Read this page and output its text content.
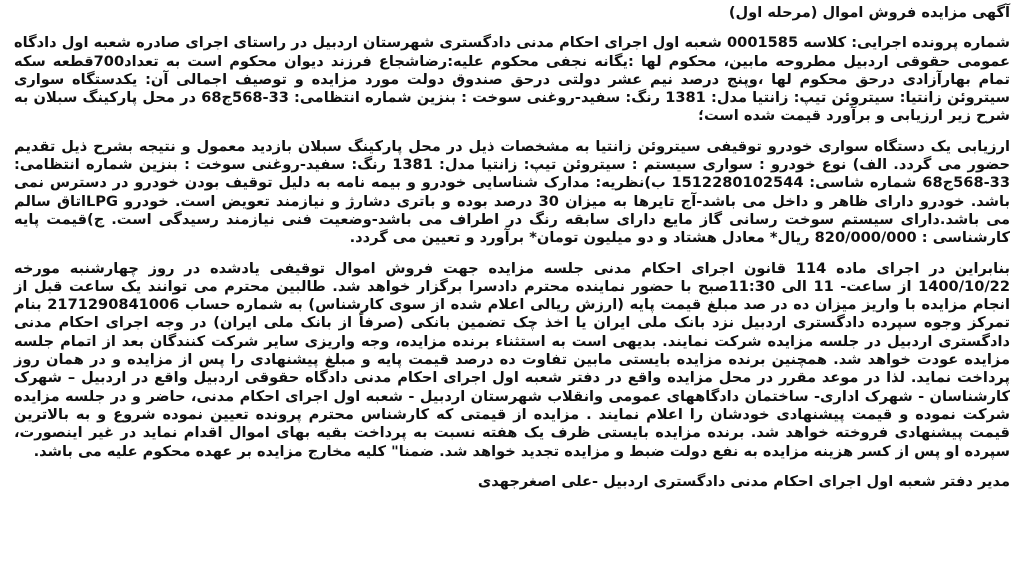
آگهی مزایده فروش اموال (مرحله اول)

شماره پرونده اجرایی: کلاسه 0001585 شعبه اول اجرای احکام مدنی دادگستری شهرستان اردبیل در راستای اجرای صادره شعبه اول دادگاه عمومی حقوقی اردبیل مطروحه مابین، محکوم لها :یگانه نجفی محکوم علیه:رضاشجاع فرزند دیوان محکوم است به تعداد700قطعه سکه تمام بهارآزادی درحق محکوم لها ،وپنج درصد نیم عشر دولتی درحق صندوق دولت مورد مزایده و توصیف اجمالی آن: یکدستگاه سواری سیتروئن زانتیا: سیتروئن تیپ: زانتیا مدل: 1381 رنگ: سفید-روغنی سوخت : بنزین شماره انتظامی: 33-568ج68 در محل پارکینگ سبلان به شرح زیر ارزیابی و برآورد قیمت شده است؛

ارزیابی یک دستگاه سواری خودرو توقیفی سیتروئن زانتیا به مشخصات ذیل در محل پارکینگ سبلان بازدید معمول و نتیجه بشرح ذیل تقدیم حضور می گردد. الف) نوع خودرو : سواری سیستم : سیتروئن تیپ: زانتیا مدل: 1381 رنگ: سفید-روغنی سوخت : بنزین شماره انتظامی: 33-568ج68 شماره شاسی: 1512280102544 ب)نظریه: مدارک شناسایی خودرو و بیمه نامه به دلیل توقیف بودن خودرو در دسترس نمی باشد. خودرو دارای ظاهر و داخل می باشد-آج تایرها به میزان 30 درصد بوده و باتری دشارژ و نیازمند تعویض است. خودرو LPGاتاق سالم می باشد.دارای سیستم سوخت رسانی گاز مایع دارای سابقه رنگ در اطراف می باشد-وضعیت فنی نیازمند رسیدگی است. ج)قیمت پایه کارشناسی : 820/000/000 ریال* معادل هشتاد و دو میلیون تومان* برآورد و تعیین می گردد.

بنابراین در اجرای ماده 114 قانون اجرای احکام مدنی جلسه مزایده جهت فروش اموال توقیفی یادشده در روز چهارشنبه مورخه 1400/10/22 از ساعت- 11 الی 11:30صبح با حضور نماینده محترم دادسرا برگزار خواهد شد. طالبین محترم می توانند یک ساعت قبل از انجام مزایده با واریز میزان ده در صد مبلغ قیمت پایه (ارزش ریالی اعلام شده از سوی کارشناس) به شماره حساب 2171290841006 بنام تمرکز وجوه سپرده دادگستری اردبیل نزد بانک ملی ایران یا اخذ چک تضمین بانکی (صرفاً از بانک ملی ایران) در وجه اجرای احکام مدنی دادگستری اردبیل در جلسه مزایده شرکت نمایند. بدیهی است به استثناء برنده مزایده، وجه واریزی سایر شرکت کنندگان بعد از اتمام جلسه مزایده عودت خواهد شد. همچنین برنده مزایده بایستی مابین تفاوت ده درصد قیمت پایه و مبلغ پیشنهادی را پس از مزایده و در همان روز پرداخت نماید. لذا در موعد مقرر در محل مزایده واقع در دفتر شعبه اول اجرای احکام مدنی دادگاه حقوقی اردبیل واقع در اردبیل – شهرک کارشناسان - شهرک اداری- ساختمان دادگاههای عمومی وانقلاب شهرستان اردبیل - شعبه اول اجرای احکام مدنی، حاضر و در جلسه مزایده شرکت نموده و قیمت پیشنهادی خودشان را اعلام نمایند . مزایده از قیمتی که کارشناس محترم پرونده تعیین نموده شروع و به بالاترین قیمت پیشنهادی فروخته خواهد شد. برنده مزایده بایستی ظرف یک هفته نسبت به پرداخت بقیه بهای اموال اقدام نماید در غیر اینصورت، سپرده او پس از کسر هزینه مزایده به نفع دولت ضبط و مزایده تجدید خواهد شد. ضمنا" کلیه مخارج مزایده بر عهده محکوم علیه می باشد.

مدیر دفتر شعبه اول اجرای احکام مدنی دادگستری اردبیل -علی اصغرجهدی
